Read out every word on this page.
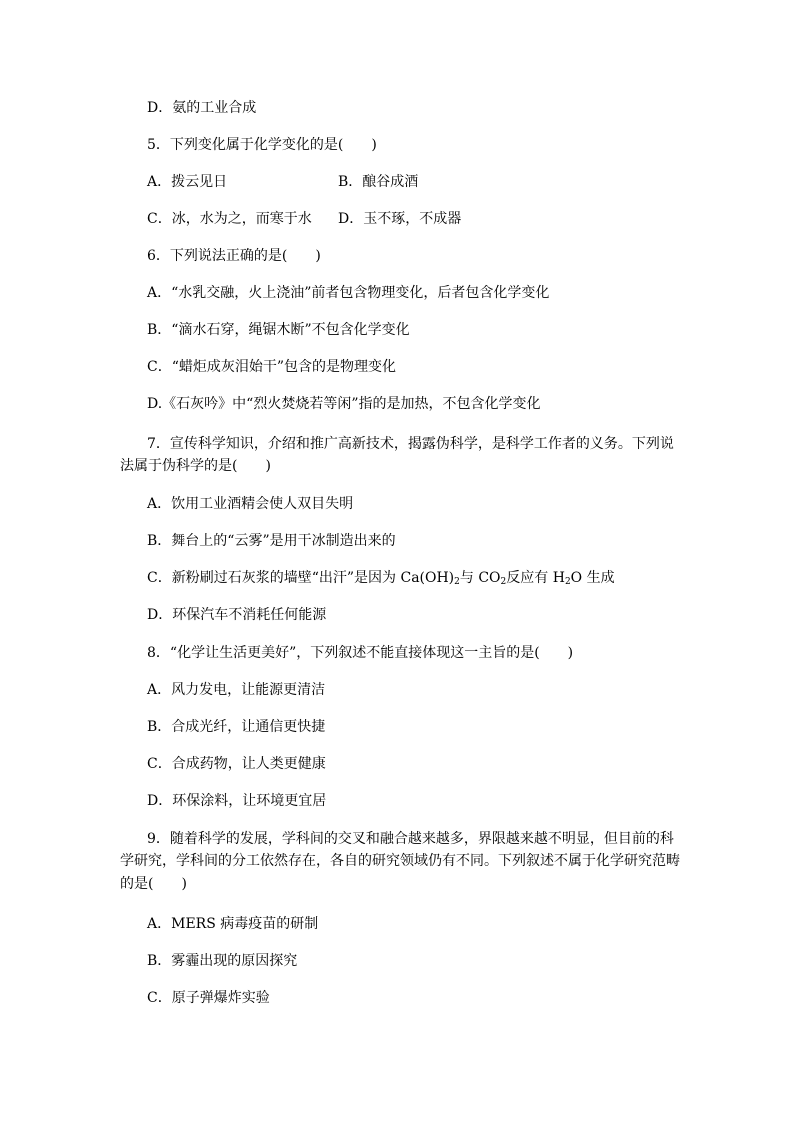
D．氨的工业合成
5．下列变化属于化学变化的是(　　)
A．拨云见日	B．酿谷成酒
C．冰，水为之，而寒于水 D．玉不琢，不成器
6．下列说法正确的是(　　)
A．“水乳交融，火上浇油”前者包含物理变化，后者包含化学变化
B．“滴水石穿，绳锯木断”不包含化学变化
C．“蜡炬成灰泪始干”包含的是物理变化
D.《石灰吟》中“烈火焚烧若等闲”指的是加热，不包含化学变化
7．宣传科学知识，介绍和推广高新技术，揭露伪科学，是科学工作者的义务。下列说
法属于伪科学的是(　　)
A．饮用工业酒精会使人双目失明
B．舞台上的“云雾”是用干冰制造出来的
C．新粉刷过石灰浆的墙壁“出汗”是因为 $Ca(OH)_2$与 $CO_2$反应有 $H_2O$ 生成
D．环保汽车不消耗任何能源
8．“化学让生活更美好”，下列叙述不能直接体现这一主旨的是(　　)
A．风力发电，让能源更清洁
B．合成光纤，让通信更快捷
C．合成药物，让人类更健康
D．环保涂料，让环境更宜居
9．随着科学的发展，学科间的交叉和融合越来越多，界限越来越不明显，但目前的科
学研究，学科间的分工依然存在，各自的研究领域仍有不同。下列叙述不属于化学研究范畴
的是(　　)
A．MERS 病毒疫苗的研制
B．雾霾出现的原因探究
C．原子弹爆炸实验
